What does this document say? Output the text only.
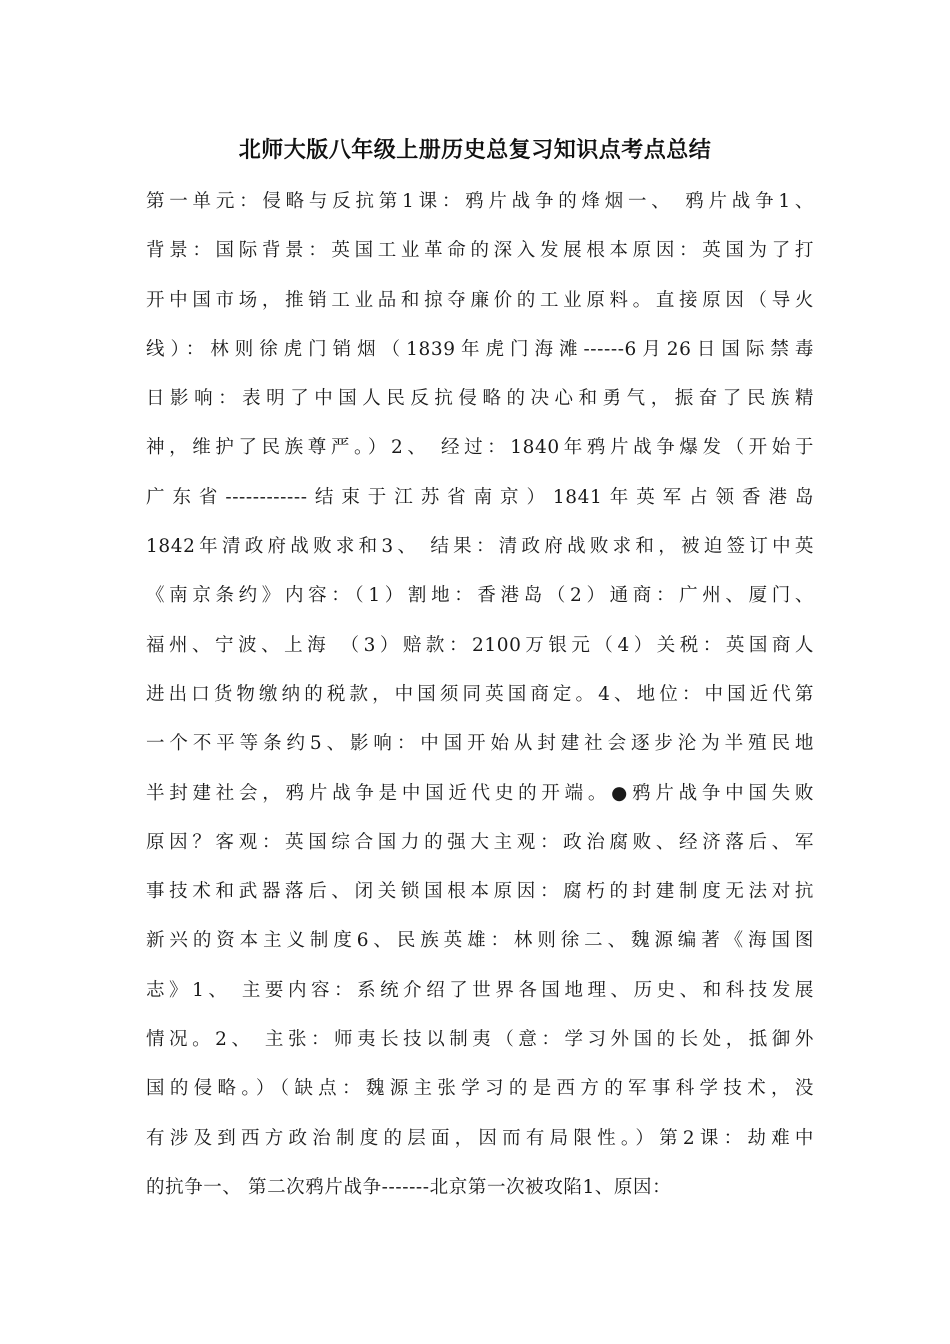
北师大版八年级上册历史总复习知识点考点总结
第一单元：侵略与反抗第1课：鸦片战争的烽烟一、 鸦片战争1、
背景：国际背景：英国工业革命的深入发展根本原因：英国为了打
开中国市场，推销工业品和掠夺廉价的工业原料。直接原因（导火
线）：林则徐虎门销烟（1839年虎门海滩------6月26日国际禁毒
日影响：表明了中国人民反抗侵略的决心和勇气，振奋了民族精
神，维护了民族尊严。）2、 经过：1840年鸦片战争爆发（开始于
广东省------------结束于江苏省南京）1841年英军占领香港岛
1842年清政府战败求和3、 结果：清政府战败求和，被迫签订中英
《南京条约》内容：（1）割地：香港岛（2）通商：广州、厦门、
福州、宁波、上海 （3）赔款：2100万银元（4）关税：英国商人
进出口货物缴纳的税款，中国须同英国商定。4、地位：中国近代第
一个不平等条约5、影响：中国开始从封建社会逐步沦为半殖民地
半封建社会，鸦片战争是中国近代史的开端。●鸦片战争中国失败
原因？客观：英国综合国力的强大主观：政治腐败、经济落后、军
事技术和武器落后、闭关锁国根本原因：腐朽的封建制度无法对抗
新兴的资本主义制度6、民族英雄：林则徐二、魏源编著《海国图
志》1、 主要内容：系统介绍了世界各国地理、历史、和科技发展
情况。2、 主张：师夷长技以制夷（意：学习外国的长处，抵御外
国的侵略。）（缺点：魏源主张学习的是西方的军事科学技术，没
有涉及到西方政治制度的层面，因而有局限性。）第2课：劫难中
的抗争一、 第二次鸦片战争-------北京第一次被攻陷1、原因：
